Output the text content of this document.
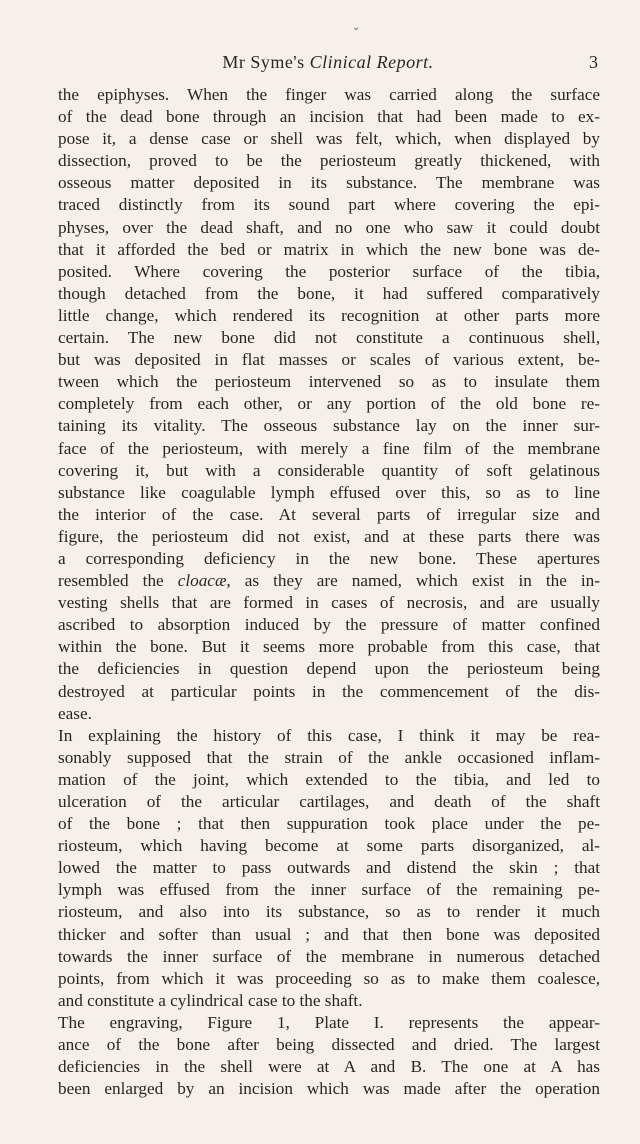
⌄
Mr Syme's Clinical Report.	3
the epiphyses. When the finger was carried along the surface
of the dead bone through an incision that had been made to ex-
pose it, a dense case or shell was felt, which, when displayed by
dissection, proved to be the periosteum greatly thickened, with
osseous matter deposited in its substance. The membrane was
traced distinctly from its sound part where covering the epi-
physes, over the dead shaft, and no one who saw it could doubt
that it afforded the bed or matrix in which the new bone was de-
posited. Where covering the posterior surface of the tibia,
though detached from the bone, it had suffered comparatively
little change, which rendered its recognition at other parts more
certain. The new bone did not constitute a continuous shell,
but was deposited in flat masses or scales of various extent, be-
tween which the periosteum intervened so as to insulate them
completely from each other, or any portion of the old bone re-
taining its vitality. The osseous substance lay on the inner sur-
face of the periosteum, with merely a fine film of the membrane
covering it, but with a considerable quantity of soft gelatinous
substance like coagulable lymph effused over this, so as to line
the interior of the case. At several parts of irregular size and
figure, the periosteum did not exist, and at these parts there was
a corresponding deficiency in the new bone. These apertures
resembled the cloacæ, as they are named, which exist in the in-
vesting shells that are formed in cases of necrosis, and are usually
ascribed to absorption induced by the pressure of matter confined
within the bone. But it seems more probable from this case, that
the deficiencies in question depend upon the periosteum being
destroyed at particular points in the commencement of the dis-
ease.
In explaining the history of this case, I think it may be rea-
sonably supposed that the strain of the ankle occasioned inflam-
mation of the joint, which extended to the tibia, and led to
ulceration of the articular cartilages, and death of the shaft
of the bone ; that then suppuration took place under the pe-
riosteum, which having become at some parts disorganized, al-
lowed the matter to pass outwards and distend the skin ; that
lymph was effused from the inner surface of the remaining pe-
riosteum, and also into its substance, so as to render it much
thicker and softer than usual ; and that then bone was deposited
towards the inner surface of the membrane in numerous detached
points, from which it was proceeding so as to make them coalesce,
and constitute a cylindrical case to the shaft.
The engraving, Figure 1, Plate I. represents the appear-
ance of the bone after being dissected and dried. The largest
deficiencies in the shell were at A and B. The one at A has
been enlarged by an incision which was made after the operation
